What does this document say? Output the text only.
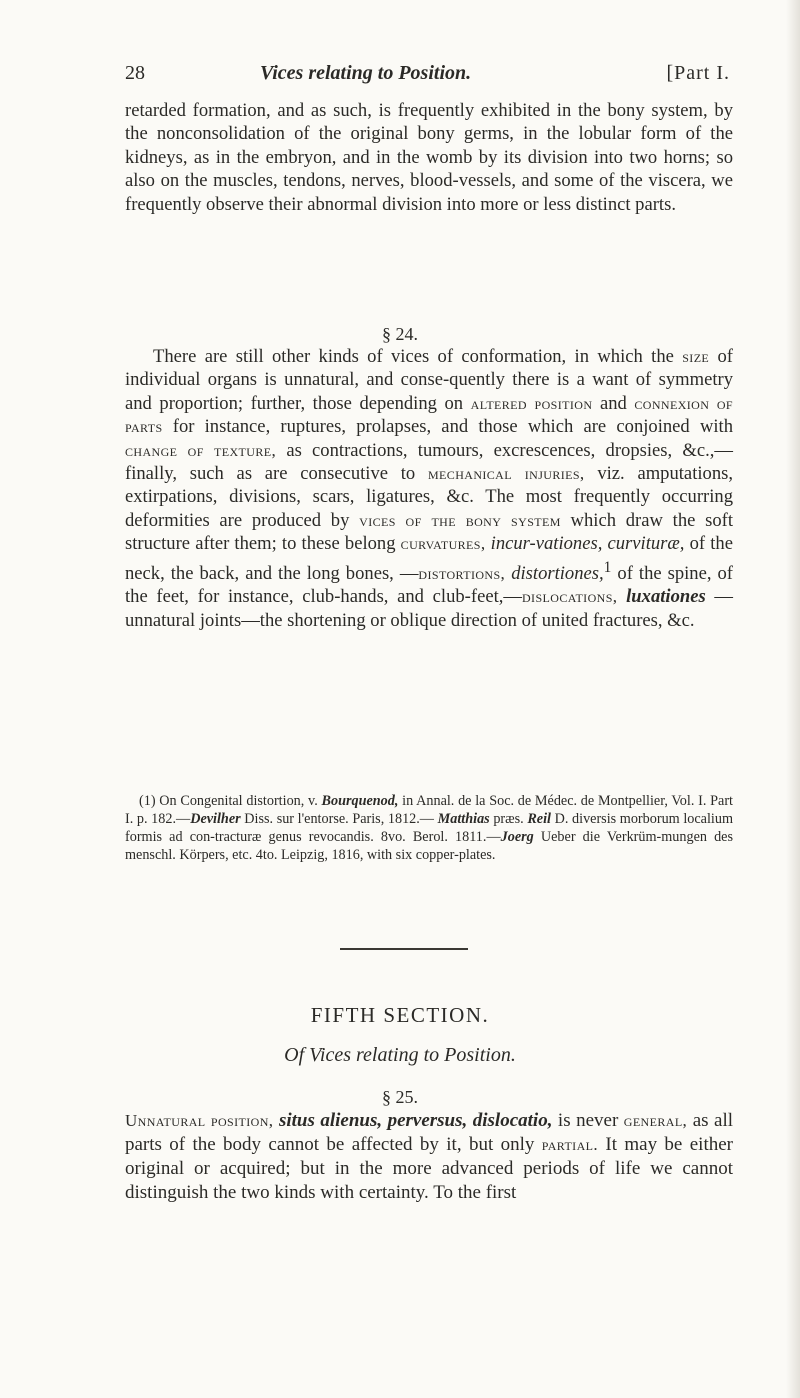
28	Vices relating to Position.	[Part I.
retarded formation, and as such, is frequently exhibited in the bony system, by the nonconsolidation of the original bony germs, in the lobular form of the kidneys, as in the embryon, and in the womb by its division into two horns; so also on the muscles, tendons, nerves, blood-vessels, and some of the viscera, we frequently observe their abnormal division into more or less distinct parts.
§ 24.
There are still other kinds of vices of conformation, in which the size of individual organs is unnatural, and conse-quently there is a want of symmetry and proportion; further, those depending on altered position and connexion of parts for instance, ruptures, prolapses, and those which are conjoined with change of texture, as contractions, tumours, excrescences, dropsies, &c.,—finally, such as are consecutive to mechanical injuries, viz. amputations, extirpations, divisions, scars, ligatures, &c. The most frequently occurring deformities are produced by vices of the bony system which draw the soft structure after them; to these belong curvatures, incur-vationes, curvituræ, of the neck, the back, and the long bones, —distortions, distortiones,$^1$ of the spine, of the feet, for instance, club-hands, and club-feet,—dislocations, luxationes —unnatural joints—the shortening or oblique direction of united fractures, &c.
(1) On Congenital distortion, v. Bourquenod, in Annal. de la Soc. de Médec. de Montpellier, Vol. I. Part I. p. 182.—Devilher Diss. sur l'entorse. Paris, 1812.— Matthias præs. Reil D. diversis morborum localium formis ad con-tracturæ genus revocandis. 8vo. Berol. 1811.—Joerg Ueber die Verkrüm-mungen des menschl. Körpers, etc. 4to. Leipzig, 1816, with six copper-plates.
FIFTH SECTION.
Of Vices relating to Position.
§ 25.
Unnatural position, situs alienus, perversus, dislocatio, is never general, as all parts of the body cannot be affected by it, but only partial. It may be either original or acquired; but in the more advanced periods of life we cannot distinguish the two kinds with certainty. To the first
